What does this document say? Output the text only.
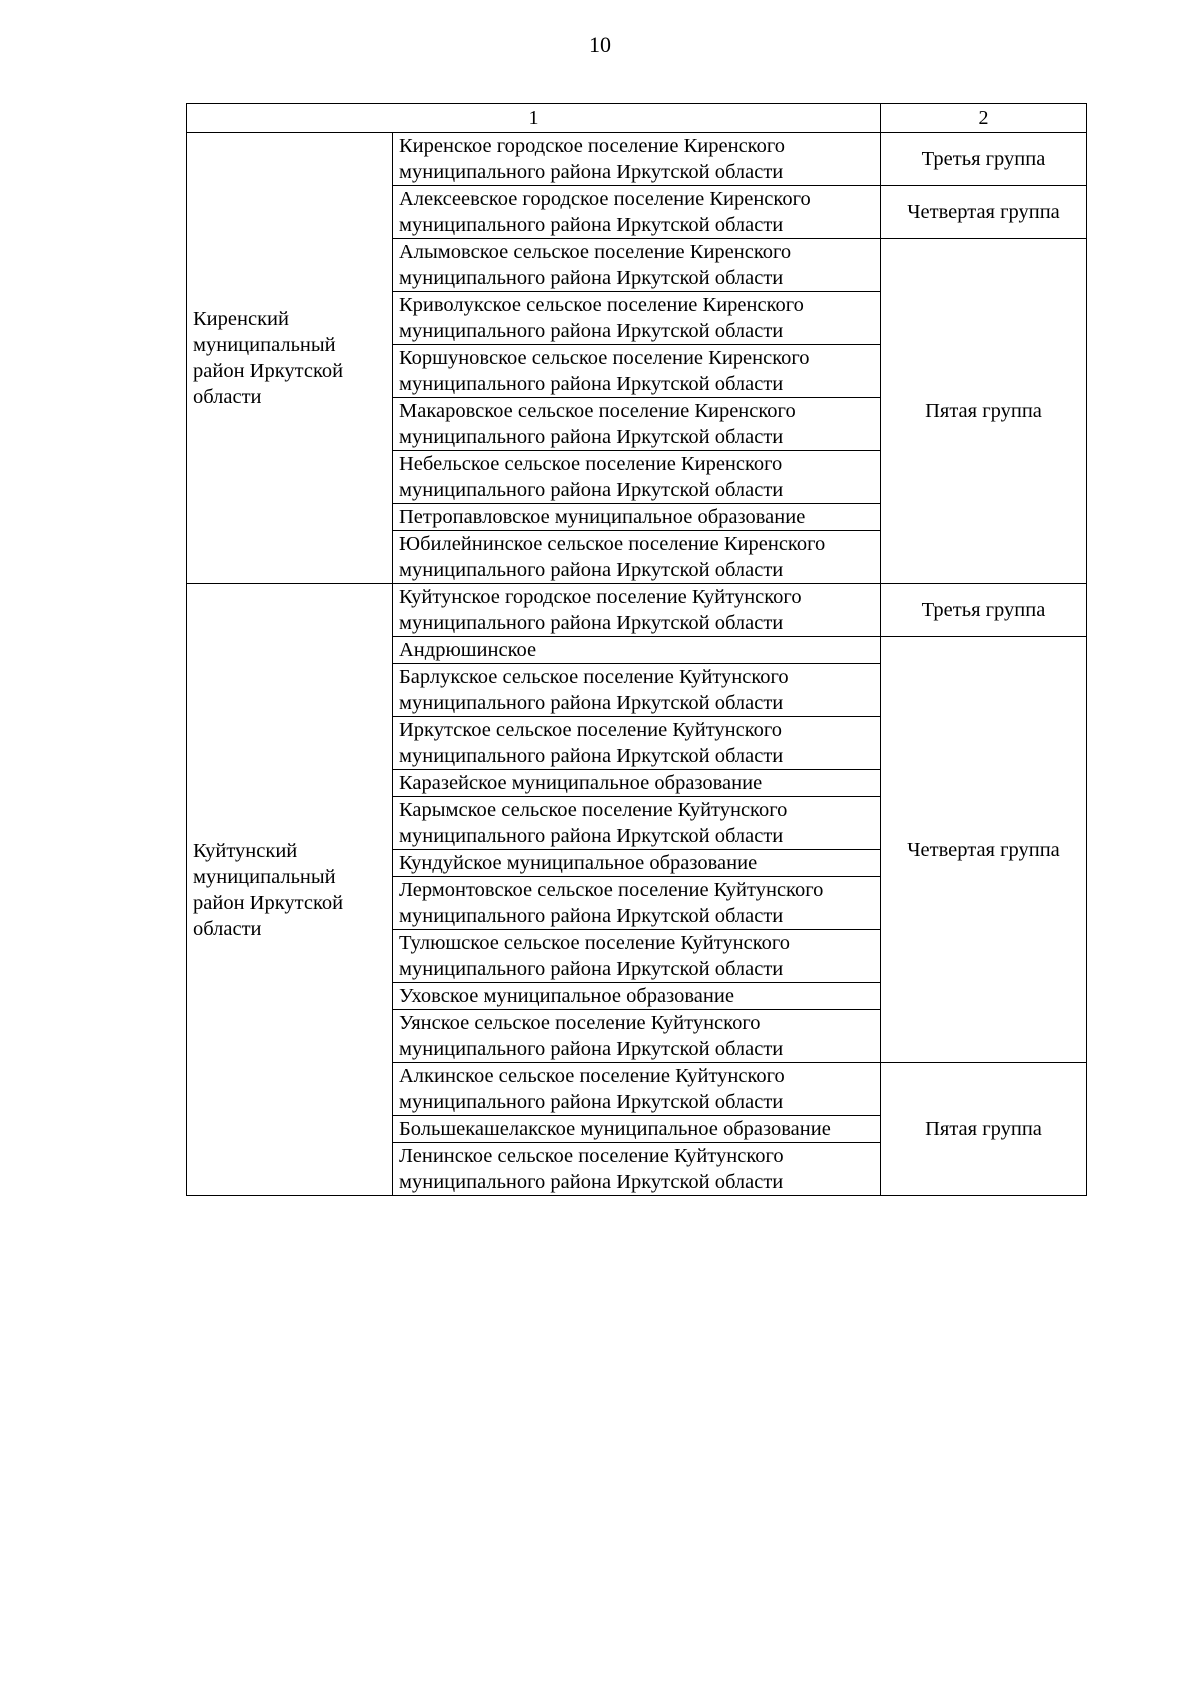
10
1		2
Киренский муниципальный район Иркутской области	Киренское городское поселение Киренского муниципального района Иркутской области	Третья группа
	Алексеевское городское поселение Киренского муниципального района Иркутской области	Четвертая группа
	Алымовское сельское поселение Киренского муниципального района Иркутской области	Пятая группа
	Криволукское сельское поселение Киренского муниципального района Иркутской области	
	Коршуновское сельское поселение Киренского муниципального района Иркутской области	
	Макаровское сельское поселение Киренского муниципального района Иркутской области	
	Небельское сельское поселение Киренского муниципального района Иркутской области	
	Петропавловское муниципальное образование	
	Юбилейнинское сельское поселение Киренского муниципального района Иркутской области	
Куйтунский муниципальный район Иркутской области	Куйтунское городское поселение Куйтунского муниципального района Иркутской области	Третья группа
	Андрюшинское	Четвертая группа
	Барлукское сельское поселение Куйтунского муниципального района Иркутской области	
	Иркутское сельское поселение Куйтунского муниципального района Иркутской области	
	Каразейское муниципальное образование	
	Карымское сельское поселение Куйтунского муниципального района Иркутской области	
	Кундуйское муниципальное образование	
	Лермонтовское сельское поселение Куйтунского муниципального района Иркутской области	
	Тулюшское сельское поселение Куйтунского муниципального района Иркутской области	
	Уховское муниципальное образование	
	Уянское сельское поселение Куйтунского муниципального района Иркутской области	
	Алкинское сельское поселение Куйтунского муниципального района Иркутской области	Пятая группа
	Большекашелакское муниципальное образование	
	Ленинское сельское поселение Куйтунского муниципального района Иркутской области	
